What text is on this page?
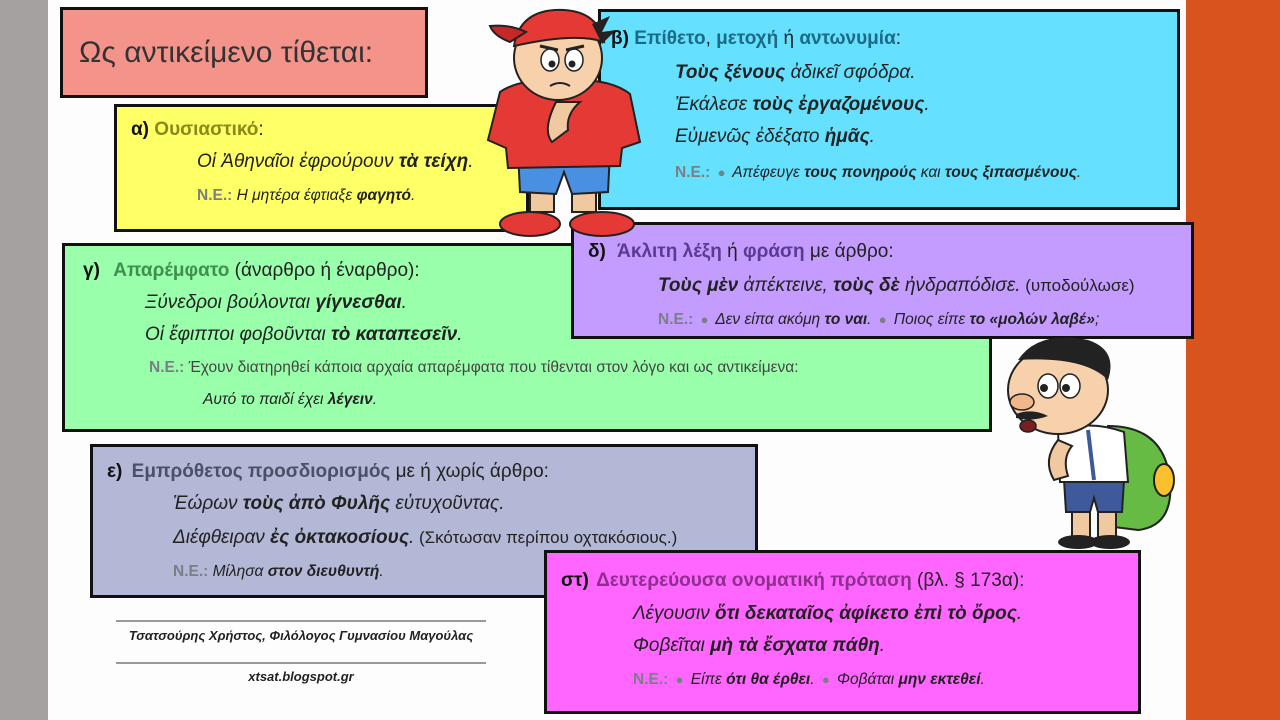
Ως αντικείμενο τίθεται:
α) Ουσιαστικό:
Οἱ Ἀθηναῖοι ἐφρούρουν τὰ τείχη.
Ν.Ε.: Η μητέρα έφτιαξε φαγητό.
β) Επίθετο, μετοχή ή αντωνυμία:
Τοὺς ξένους ἀδικεῖ σφόδρα.
Ἐκάλεσε τοὺς ἐργαζομένους.
Εὐμενῶς ἐδέξατο ἡμᾶς.
Ν.Ε.: ● Απέφευγε τους πονηρούς και τους ξιπασμένους.
γ) Απαρέμφατο (άναρθρο ή έναρθρο):
Ξύνεδροι βούλονται γίγνεσθαι.
Οἱ ἔφιπποι φοβοῦνται τὸ καταπεσεῖν.
Ν.Ε.: Έχουν διατηρηθεί κάποια αρχαία απαρέμφατα που τίθενται στον λόγο και ως αντικείμενα:
Αυτό το παιδί έχει λέγειν.
δ) Άκλιτη λέξη ή φράση με άρθρο:
Τοὺς μὲν ἀπέκτεινε, τοὺς δὲ ἠνδραπόδισε. (υποδούλωσε)
Ν.Ε.: ● Δεν είπα ακόμη το ναι. ● Ποιος είπε το «μολών λαβέ»;
ε) Εμπρόθετος προσδιορισμός με ή χωρίς άρθρο:
Ἑώρων τοὺς ἀπὸ Φυλῆς εὐτυχοῦντας.
Διέφθειραν ἐς ὀκτακοσίους. (Σκότωσαν περίπου οχτακόσιους.)
Ν.Ε.: Μίλησα στον διευθυντή.	στ) Δευτερεύουσα ονοματική πρόταση (βλ. § 173α):
Λέγουσιν ὅτι δεκαταῖος ἀφίκετο ἐπὶ τὸ ὄρος.
Φοβεῖται μὴ τὰ ἔσχατα πάθη.
Ν.Ε.: ● Είπε ότι θα έρθει. ● Φοβάται μην εκτεθεί.
Τσατσούρης Χρήστος, Φιλόλογος Γυμνασίου Μαγούλας
xtsat.blogspot.gr
